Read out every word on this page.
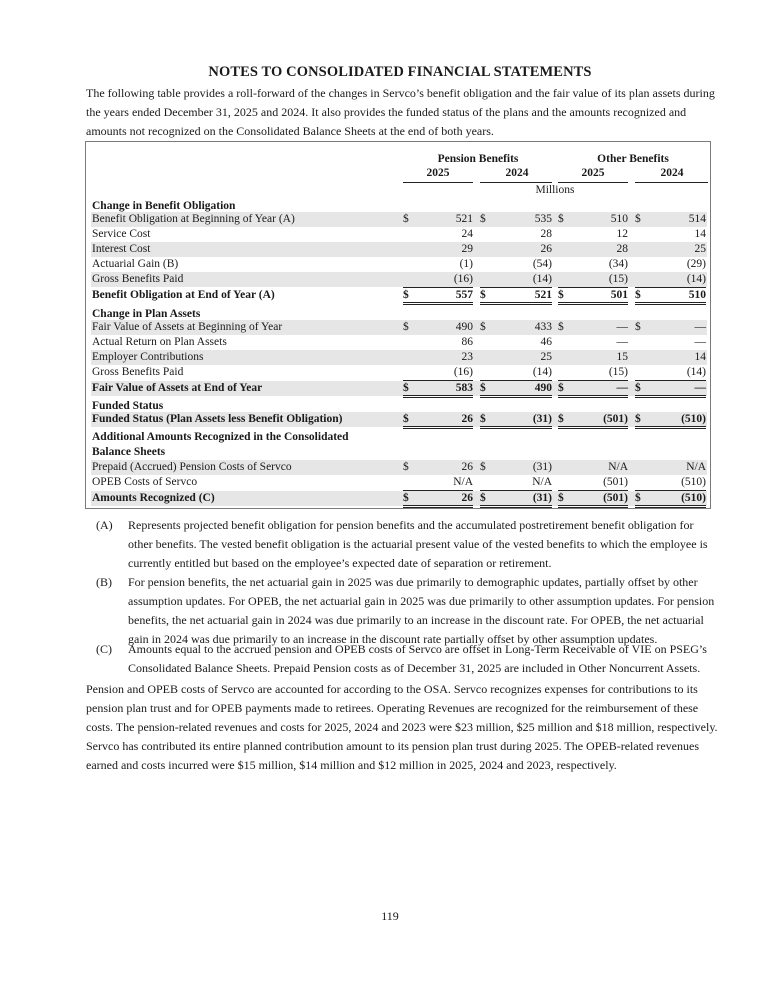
NOTES TO CONSOLIDATED FINANCIAL STATEMENTS
The following table provides a roll-forward of the changes in Servco’s benefit obligation and the fair value of its plan assets during the years ended December 31, 2025 and 2024. It also provides the funded status of the plans and the amounts recognized and amounts not recognized on the Consolidated Balance Sheets at the end of both years.
Pension Benefits	Other Benefits
2025	2024	2025	2024
Millions
Change in Benefit Obligation
Benefit Obligation at Beginning of Year (A)	$	521 $	535 $	510 $	514
Service Cost	24	28	12	14
Interest Cost	29	26	28	25
Actuarial Gain (B)	(1)	(54)	(34)	(29)
Gross Benefits Paid	(16)	(14)	(15)	(14)
Benefit Obligation at End of Year (A)	$	557 $	521 $	501 $	510
Change in Plan Assets
Fair Value of Assets at Beginning of Year	$	490 $	433 $	— $	—
Actual Return on Plan Assets	86	46	—	—
Employer Contributions	23	25	15	14
Gross Benefits Paid	(16)	(14)	(15)	(14)
Fair Value of Assets at End of Year	$	583 $	490 $	— $	—
Funded Status
Funded Status (Plan Assets less Benefit Obligation)	$	26 $	(31) $	(501) $	(510)
Additional Amounts Recognized in the Consolidated
Balance Sheets
Prepaid (Accrued) Pension Costs of Servco	$	26 $	(31)	N/A	N/A
OPEB Costs of Servco	N/A	N/A	(501)	(510)
Amounts Recognized (C)	$	26 $	(31) $	(501) $	(510)
(A) Represents projected benefit obligation for pension benefits and the accumulated postretirement benefit obligation for other benefits. The vested benefit obligation is the actuarial present value of the vested benefits to which the employee is currently entitled but based on the employee’s expected date of separation or retirement.
(B) For pension benefits, the net actuarial gain in 2025 was due primarily to demographic updates, partially offset by other assumption updates. For OPEB, the net actuarial gain in 2025 was due primarily to other assumption updates. For pension benefits, the net actuarial gain in 2024 was due primarily to an increase in the discount rate. For OPEB, the net actuarial gain in 2024 was due primarily to an increase in the discount rate partially offset by other assumption updates.
(C) Amounts equal to the accrued pension and OPEB costs of Servco are offset in Long-Term Receivable of VIE on PSEG’s Consolidated Balance Sheets. Prepaid Pension costs as of December 31, 2025 are included in Other Noncurrent Assets.
Pension and OPEB costs of Servco are accounted for according to the OSA. Servco recognizes expenses for contributions to its pension plan trust and for OPEB payments made to retirees. Operating Revenues are recognized for the reimbursement of these costs. The pension-related revenues and costs for 2025, 2024 and 2023 were $23 million, $25 million and $18 million, respectively. Servco has contributed its entire planned contribution amount to its pension plan trust during 2025. The OPEB-related revenues earned and costs incurred were $15 million, $14 million and $12 million in 2025, 2024 and 2023, respectively.
119
